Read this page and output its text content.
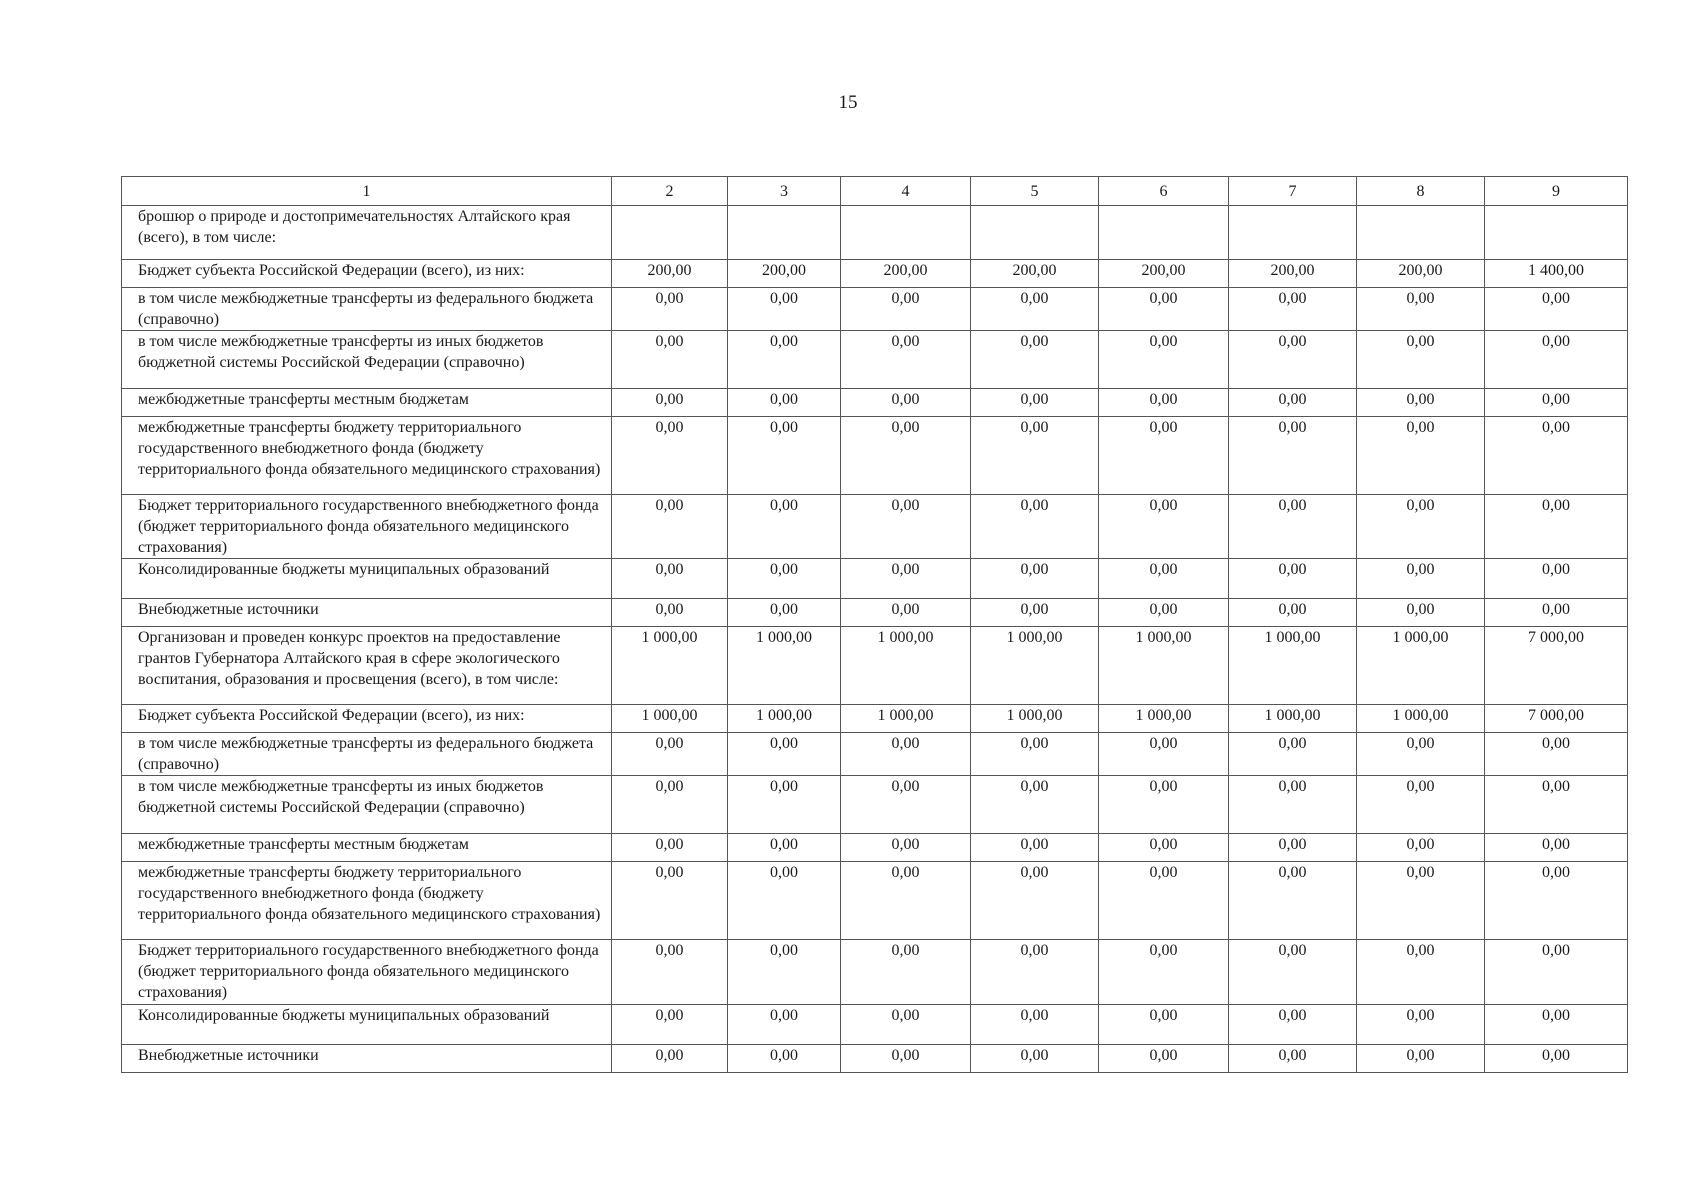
15
1	2	3	4	5	6	7	8	9
брошюр о природе и достопримечательностях Алтайского края (всего), в том числе:								
Бюджет субъекта Российской Федерации (всего), из них:	200,00	200,00	200,00	200,00	200,00	200,00	200,00	1 400,00
в том числе межбюджетные трансферты из федерального бюджета (справочно)	0,00	0,00	0,00	0,00	0,00	0,00	0,00	0,00
в том числе межбюджетные трансферты из иных бюджетов бюджетной системы Российской Федерации (справочно)	0,00	0,00	0,00	0,00	0,00	0,00	0,00	0,00
межбюджетные трансферты местным бюджетам	0,00	0,00	0,00	0,00	0,00	0,00	0,00	0,00
межбюджетные трансферты бюджету территориального государственного внебюджетного фонда (бюджету территориального фонда обязательного медицинского страхования)	0,00	0,00	0,00	0,00	0,00	0,00	0,00	0,00
Бюджет территориального государственного внебюджетного фонда (бюджет территориального фонда обязательного медицинского страхования)	0,00	0,00	0,00	0,00	0,00	0,00	0,00	0,00
Консолидированные бюджеты муниципальных образований	0,00	0,00	0,00	0,00	0,00	0,00	0,00	0,00
Внебюджетные источники	0,00	0,00	0,00	0,00	0,00	0,00	0,00	0,00
Организован и проведен конкурс проектов на предоставление грантов Губернатора Алтайского края в сфере экологического воспитания, образования и просвещения (всего), в том числе:	1 000,00	1 000,00	1 000,00	1 000,00	1 000,00	1 000,00	1 000,00	7 000,00
Бюджет субъекта Российской Федерации (всего), из них:	1 000,00	1 000,00	1 000,00	1 000,00	1 000,00	1 000,00	1 000,00	7 000,00
в том числе межбюджетные трансферты из федерального бюджета (справочно)	0,00	0,00	0,00	0,00	0,00	0,00	0,00	0,00
в том числе межбюджетные трансферты из иных бюджетов бюджетной системы Российской Федерации (справочно)	0,00	0,00	0,00	0,00	0,00	0,00	0,00	0,00
межбюджетные трансферты местным бюджетам	0,00	0,00	0,00	0,00	0,00	0,00	0,00	0,00
межбюджетные трансферты бюджету территориального государственного внебюджетного фонда (бюджету территориального фонда обязательного медицинского страхования)	0,00	0,00	0,00	0,00	0,00	0,00	0,00	0,00
Бюджет территориального государственного внебюджетного фонда (бюджет территориального фонда обязательного медицинского страхования)	0,00	0,00	0,00	0,00	0,00	0,00	0,00	0,00
Консолидированные бюджеты муниципальных образований	0,00	0,00	0,00	0,00	0,00	0,00	0,00	0,00
Внебюджетные источники	0,00	0,00	0,00	0,00	0,00	0,00	0,00	0,00
